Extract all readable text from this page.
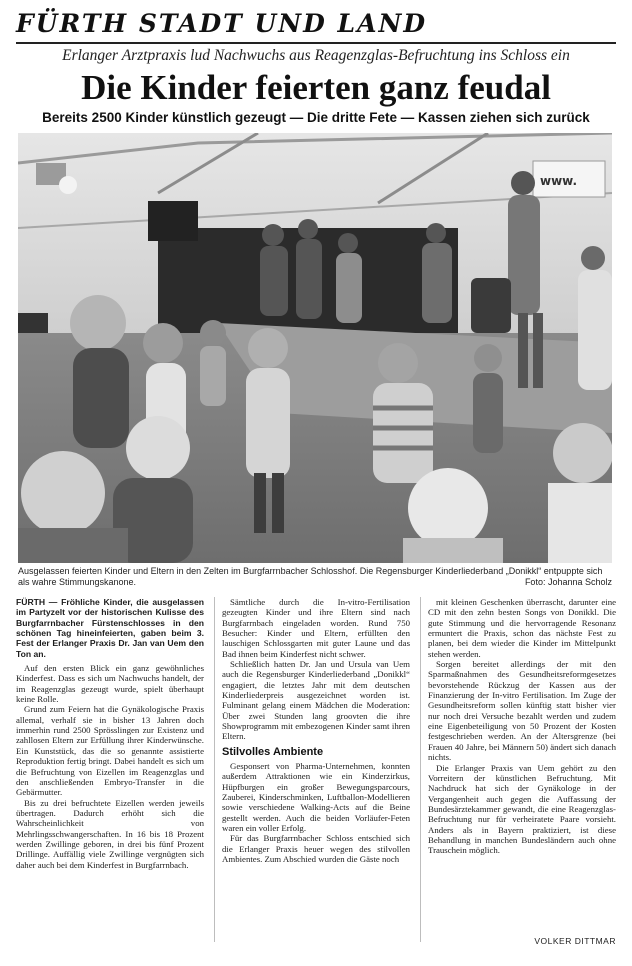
FÜRTH STADT UND LAND
Erlanger Arztpraxis lud Nachwuchs aus Reagenzglas-Befruchtung ins Schloss ein
Die Kinder feierten ganz feudal
Bereits 2500 Kinder künstlich gezeugt — Die dritte Fete — Kassen ziehen sich zurück
www.
Ausgelassen feierten Kinder und Eltern in den Zelten im Burgfarrnbacher Schlosshof. Die Regensburger Kinderliederband „Donikkl“ entpuppte sich als wahre Stimmungskanone.	Foto: Johanna Scholz

FÜRTH — Fröhliche Kinder, die ausgelassen im Partyzelt vor der historischen Kulisse des Burgfarrnbacher Fürstenschlosses in den schönen Tag hineinfeierten, gaben beim 3. Fest der Erlanger Praxis Dr. Jan van Uem den Ton an.

Auf den ersten Blick ein ganz gewöhnliches Kinderfest. Dass es sich um Nachwuchs handelt, der im Reagenzglas gezeugt wurde, spielt überhaupt keine Rolle.

Grund zum Feiern hat die Gynäkologische Praxis allemal, verhalf sie in bisher 13 Jahren doch immerhin rund 2500 Sprösslingen zur Existenz und zahllosen Eltern zur Erfüllung ihrer Kinderwünsche. Ein Kunststück, das die so genannte assistierte Reproduktion fertig bringt. Dabei handelt es sich um die Befruchtung von Eizellen im Reagenzglas und den anschließenden Embryo-Transfer in die Gebärmutter.

Bis zu drei befruchtete Eizellen werden jeweils übertragen. Dadurch erhöht sich die Wahrscheinlichkeit von Mehrlingsschwangerschaften. In 16 bis 18 Prozent werden Zwillinge geboren, in drei bis fünf Prozent Drillinge. Auffällig viele Zwillinge vergnügten sich daher auch bei dem Kinderfest in Burgfarrnbach.

Sämtliche durch die In-vitro-Fertilisation gezeugten Kinder und ihre Eltern sind nach Burgfarrnbach eingeladen worden. Rund 750 Besucher: Kinder und Eltern, erfüllten den lauschigen Schlossgarten mit guter Laune und das Bad ihnen beim Kinderfest nicht schwer.

Schließlich hatten Dr. Jan und Ursula van Uem auch die Regensburger Kinderliederband „Donikkl“ engagiert, die letztes Jahr mit dem deutschen Kinderliederpreis ausgezeichnet worden ist. Fulminant gelang einem Mädchen die Moderation: Über zwei Stunden lang groovten die ihre Showprogramm mit embezogenen Kinder samt ihren Eltern.

Stilvolles Ambiente

Gesponsert von Pharma-Unternehmen, konnten außerdem Attraktionen wie ein Kinderzirkus, Hüpfburgen ein großer Bewegungsparcours, Zauberei, Kinderschminken, Luftballon-Modellieren sowie verschiedene Walking-Acts auf die Beine gestellt werden. Auch die beiden Vorläufer-Feten waren ein voller Erfolg.

Für das Burgfarrnbacher Schloss entschied sich die Erlanger Praxis heuer wegen des stilvollen Ambientes. Zum Abschied wurden die Gäste noch

mit kleinen Geschenken überrascht, darunter eine CD mit den zehn besten Songs von Donikkl. Die gute Stimmung und die hervorragende Resonanz ermuntert die Praxis, schon das nächste Fest zu planen, bei dem wieder die Kinder im Mittelpunkt stehen werden.

Sorgen bereitet allerdings der mit den Sparmaßnahmen des Gesundheitsreformgesetzes bevorstehende Rückzug der Kassen aus der Finanzierung der In-vitro Fertilisation. Im Zuge der Gesundheitsreform sollen künftig statt bisher vier nur noch drei Versuche bezahlt werden und zudem eine Eigenbeteiligung von 50 Prozent der Kosten festgeschrieben werden. An der Altersgrenze (bei Frauen 40 Jahre, bei Männern 50) ändert sich danach nichts.

Die Erlanger Praxis van Uem gehört zu den Vorreitern der künstlichen Befruchtung. Mit Nachdruck hat sich der Gynäkologe in der Vergangenheit auch gegen die Auffassung der Bundesärztekammer gewandt, die eine Reagenzglas-Befruchtung nur für verheiratete Paare vorsieht. Anders als in Bayern praktiziert, ist diese Behandlung in manchen Bundesländern auch ohne Trauschein möglich.

VOLKER DITTMAR
